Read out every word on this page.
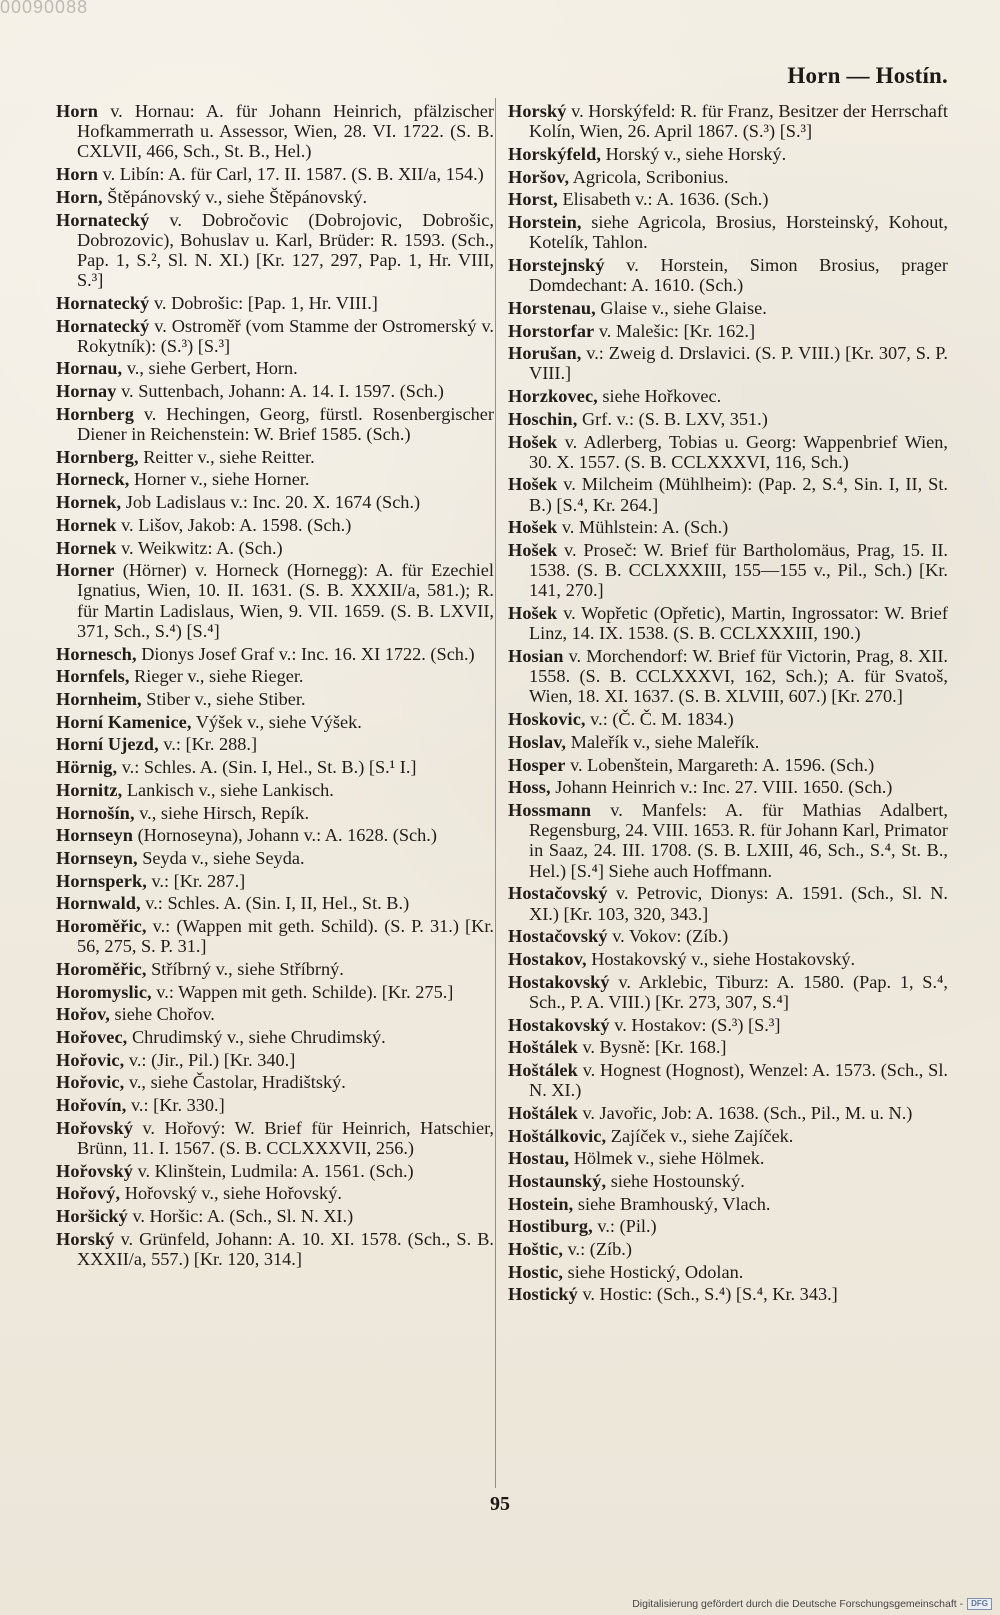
00090088
Horn — Hostín.

Horn v. Hornau: A. für Johann Heinrich, pfälzischer Hofkammerrath u. Assessor, Wien, 28. VI. 1722. (S. B. CXLVII, 466, Sch., St. B., Hel.)

Horn v. Libín: A. für Carl, 17. II. 1587. (S. B. XII/a, 154.)

Horn, Štěpánovský v., siehe Štěpánovský.

Hornatecký v. Dobročovic (Dobrojovic, Dobrošic, Dobrozovic), Bohuslav u. Karl, Brüder: R. 1593. (Sch., Pap. 1, S.², Sl. N. XI.) [Kr. 127, 297, Pap. 1, Hr. VIII, S.³]

Hornatecký v. Dobrošic: [Pap. 1, Hr. VIII.]

Hornatecký v. Ostroměř (vom Stamme der Ostromerský v. Rokytník): (S.³) [S.³]

Hornau, v., siehe Gerbert, Horn.

Hornay v. Suttenbach, Johann: A. 14. I. 1597. (Sch.)

Hornberg v. Hechingen, Georg, fürstl. Rosenbergischer Diener in Reichenstein: W. Brief 1585. (Sch.)

Hornberg, Reitter v., siehe Reitter.

Horneck, Horner v., siehe Horner.

Hornek, Job Ladislaus v.: Inc. 20. X. 1674 (Sch.)

Hornek v. Lišov, Jakob: A. 1598. (Sch.)

Hornek v. Weikwitz: A. (Sch.)

Horner (Hörner) v. Horneck (Hornegg): A. für Ezechiel Ignatius, Wien, 10. II. 1631. (S. B. XXXII/a, 581.); R. für Martin Ladislaus, Wien, 9. VII. 1659. (S. B. LXVII, 371, Sch., S.⁴) [S.⁴]

Hornesch, Dionys Josef Graf v.: Inc. 16. XI 1722. (Sch.)

Hornfels, Rieger v., siehe Rieger.

Hornheim, Stiber v., siehe Stiber.

Horní Kamenice, Výšek v., siehe Výšek.

Horní Ujezd, v.: [Kr. 288.]

Hörnig, v.: Schles. A. (Sin. I, Hel., St. B.) [S.¹ I.]

Hornitz, Lankisch v., siehe Lankisch.

Hornošín, v., siehe Hirsch, Repík.

Hornseyn (Hornoseyna), Johann v.: A. 1628. (Sch.)

Hornseyn, Seyda v., siehe Seyda.

Hornsperk, v.: [Kr. 287.]

Hornwald, v.: Schles. A. (Sin. I, II, Hel., St. B.)

Horoměřic, v.: (Wappen mit geth. Schild). (S. P. 31.) [Kr. 56, 275, S. P. 31.]

Horoměřic, Stříbrný v., siehe Stříbrný.

Horomyslic, v.: Wappen mit geth. Schilde). [Kr. 275.]

Hořov, siehe Chořov.

Hořovec, Chrudimský v., siehe Chrudimský.

Hořovic, v.: (Jir., Pil.) [Kr. 340.]

Hořovic, v., siehe Častolar, Hradištský.

Hořovín, v.: [Kr. 330.]

Hořovský v. Hořový: W. Brief für Heinrich, Hatschier, Brünn, 11. I. 1567. (S. B. CCLXXXVII, 256.)

Hořovský v. Klinštein, Ludmila: A. 1561. (Sch.)

Hořový, Hořovský v., siehe Hořovský.

Horšický v. Horšic: A. (Sch., Sl. N. XI.)

Horský v. Grünfeld, Johann: A. 10. XI. 1578. (Sch., S. B. XXXII/a, 557.) [Kr. 120, 314.]

Horský v. Horskýfeld: R. für Franz, Besitzer der Herrschaft Kolín, Wien, 26. April 1867. (S.³) [S.³]

Horskýfeld, Horský v., siehe Horský.

Horšov, Agricola, Scribonius.

Horst, Elisabeth v.: A. 1636. (Sch.)

Horstein, siehe Agricola, Brosius, Horsteinský, Kohout, Kotelík, Tahlon.

Horstejnský v. Horstein, Simon Brosius, prager Domdechant: A. 1610. (Sch.)

Horstenau, Glaise v., siehe Glaise.

Horstorfar v. Malešic: [Kr. 162.]

Horušan, v.: Zweig d. Drslavici. (S. P. VIII.) [Kr. 307, S. P. VIII.]

Horzkovec, siehe Hořkovec.

Hoschin, Grf. v.: (S. B. LXV, 351.)

Hošek v. Adlerberg, Tobias u. Georg: Wappenbrief Wien, 30. X. 1557. (S. B. CCLXXXVI, 116, Sch.)

Hošek v. Milcheim (Mühlheim): (Pap. 2, S.⁴, Sin. I, II, St. B.) [S.⁴, Kr. 264.]

Hošek v. Mühlstein: A. (Sch.)

Hošek v. Proseč: W. Brief für Bartholomäus, Prag, 15. II. 1538. (S. B. CCLXXXIII, 155—155 v., Pil., Sch.) [Kr. 141, 270.]

Hošek v. Wopřetic (Opřetic), Martin, Ingrossator: W. Brief Linz, 14. IX. 1538. (S. B. CCLXXXIII, 190.)

Hosian v. Morchendorf: W. Brief für Victorin, Prag, 8. XII. 1558. (S. B. CCLXXXVI, 162, Sch.); A. für Svatoš, Wien, 18. XI. 1637. (S. B. XLVIII, 607.) [Kr. 270.]

Hoskovic, v.: (Č. Č. M. 1834.)

Hoslav, Maleřík v., siehe Maleřík.

Hosper v. Lobenštein, Margareth: A. 1596. (Sch.)

Hoss, Johann Heinrich v.: Inc. 27. VIII. 1650. (Sch.)

Hossmann v. Manfels: A. für Mathias Adalbert, Regensburg, 24. VIII. 1653. R. für Johann Karl, Primator in Saaz, 24. III. 1708. (S. B. LXIII, 46, Sch., S.⁴, St. B., Hel.) [S.⁴] Siehe auch Hoffmann.

Hostačovský v. Petrovic, Dionys: A. 1591. (Sch., Sl. N. XI.) [Kr. 103, 320, 343.]

Hostačovský v. Vokov: (Zíb.)

Hostakov, Hostakovský v., siehe Hostakovský.

Hostakovský v. Arklebic, Tiburz: A. 1580. (Pap. 1, S.⁴, Sch., P. A. VIII.) [Kr. 273, 307, S.⁴]

Hostakovský v. Hostakov: (S.³) [S.³]

Hoštálek v. Bysně: [Kr. 168.]

Hoštálek v. Hognest (Hognost), Wenzel: A. 1573. (Sch., Sl. N. XI.)

Hoštálek v. Javořic, Job: A. 1638. (Sch., Pil., M. u. N.)

Hoštálkovic, Zajíček v., siehe Zajíček.

Hostau, Hölmek v., siehe Hölmek.

Hostaunský, siehe Hostounský.

Hostein, siehe Bramhouský, Vlach.

Hostiburg, v.: (Pil.)

Hoštic, v.: (Zíb.)

Hostic, siehe Hostický, Odolan.

Hostický v. Hostic: (Sch., S.⁴) [S.⁴, Kr. 343.]

95
Digitalisierung gefördert durch die Deutsche Forschungsgemeinschaft -	DFG
